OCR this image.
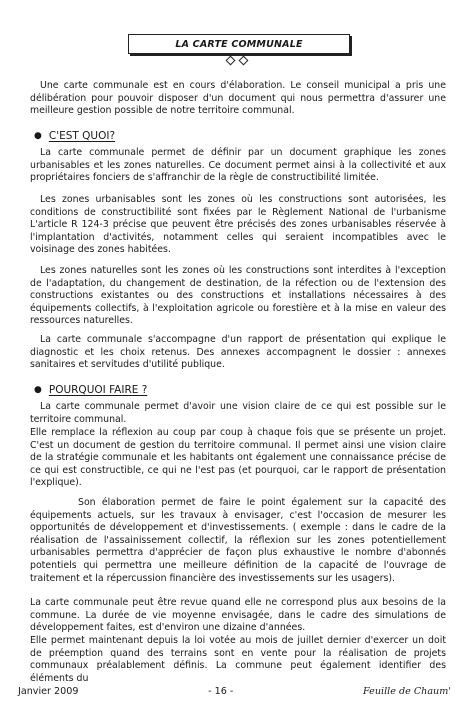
LA CARTE COMMUNALE

Une carte communale est en cours d'élaboration. Le conseil municipal a pris une délibération pour pouvoir disposer d'un document qui nous permettra d'assurer une meilleure gestion possible de notre territoire communal.

● C'EST QUOI?

La carte communale permet de définir par un document graphique les zones urbanisables et les zones naturelles. Ce document permet ainsi à la collectivité et aux propriétaires fonciers de s'affranchir de la règle de constructibilité limitée.

Les zones urbanisables sont les zones où les constructions sont autorisées, les conditions de constructibilité sont fixées par le Règlement National de l'urbanisme L'article R 124-3 précise que peuvent être précisés des zones urbanisables réservée à l'implantation d'activités, notamment celles qui seraient incompatibles avec le voisinage des zones habitées.

Les zones naturelles sont les zones où les constructions sont interdites à l'exception de l'adaptation, du changement de destination, de la réfection ou de l'extension des constructions existantes ou des constructions et installations nécessaires à des équipements collectifs, à l'exploitation agricole ou forestière et à la mise en valeur des ressources naturelles.

La carte communale s'accompagne d'un rapport de présentation qui explique le diagnostic et les choix retenus. Des annexes accompagnent le dossier : annexes sanitaires et servitudes d'utilité publique.

● POURQUOI FAIRE ?

La carte communale permet d'avoir une vision claire de ce qui est possible sur le territoire communal.

Elle remplace la réflexion au coup par coup à chaque fois que se présente un projet. C'est un document de gestion du territoire communal. Il permet ainsi une vision claire de la stratégie communale et les habitants ont également une connaissance précise de ce qui est constructible, ce qui ne l'est pas (et pourquoi, car le rapport de présentation l'explique).

Son élaboration permet de faire le point également sur la capacité des équipements actuels, sur les travaux à envisager, c'est l'occasion de mesurer les opportunités de développement et d'investissements. ( exemple : dans le cadre de la réalisation de l'assainissement collectif, la réflexion sur les zones potentiellement urbanisables permettra d'apprécier de façon plus exhaustive le nombre d'abonnés potentiels qui permettra une meilleure définition de la capacité de l'ouvrage de traitement et la répercussion financière des investissements sur les usagers).

La carte communale peut être revue quand elle ne correspond plus aux besoins de la commune. La durée de vie moyenne envisagée, dans le cadre des simulations de développement faites, est d'environ une dizaine d'années.

Elle permet maintenant depuis la loi votée au mois de juillet dernier d'exercer un doit de préemption quand des terrains sont en vente pour la réalisation de projets communaux préalablement définis. La commune peut également identifier des éléments du

Janvier 2009	- 16 -	Feuille de Chaum'
